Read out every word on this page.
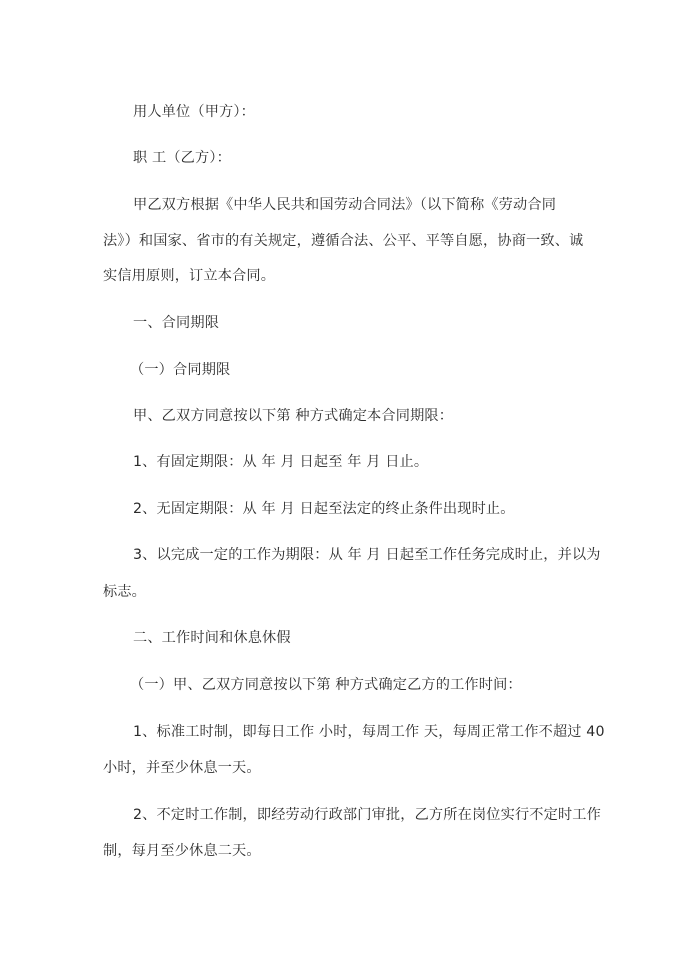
用人单位（甲方）：
职 工（乙方）：
甲乙双方根据《中华人民共和国劳动合同法》（以下简称《劳动合同
法》）和国家、省市的有关规定，遵循合法、公平、平等自愿，协商一致、诚
实信用原则，订立本合同。
一、合同期限
（一）合同期限
甲、乙双方同意按以下第 种方式确定本合同期限：
1、有固定期限：从 年 月 日起至 年 月 日止。
2、无固定期限：从 年 月 日起至法定的终止条件出现时止。
3、以完成一定的工作为期限：从 年 月 日起至工作任务完成时止，并以为
标志。
二、工作时间和休息休假
（一）甲、乙双方同意按以下第 种方式确定乙方的工作时间：
1、标准工时制，即每日工作 小时，每周工作 天，每周正常工作不超过 40
小时，并至少休息一天。
2、不定时工作制，即经劳动行政部门审批，乙方所在岗位实行不定时工作
制，每月至少休息二天。
